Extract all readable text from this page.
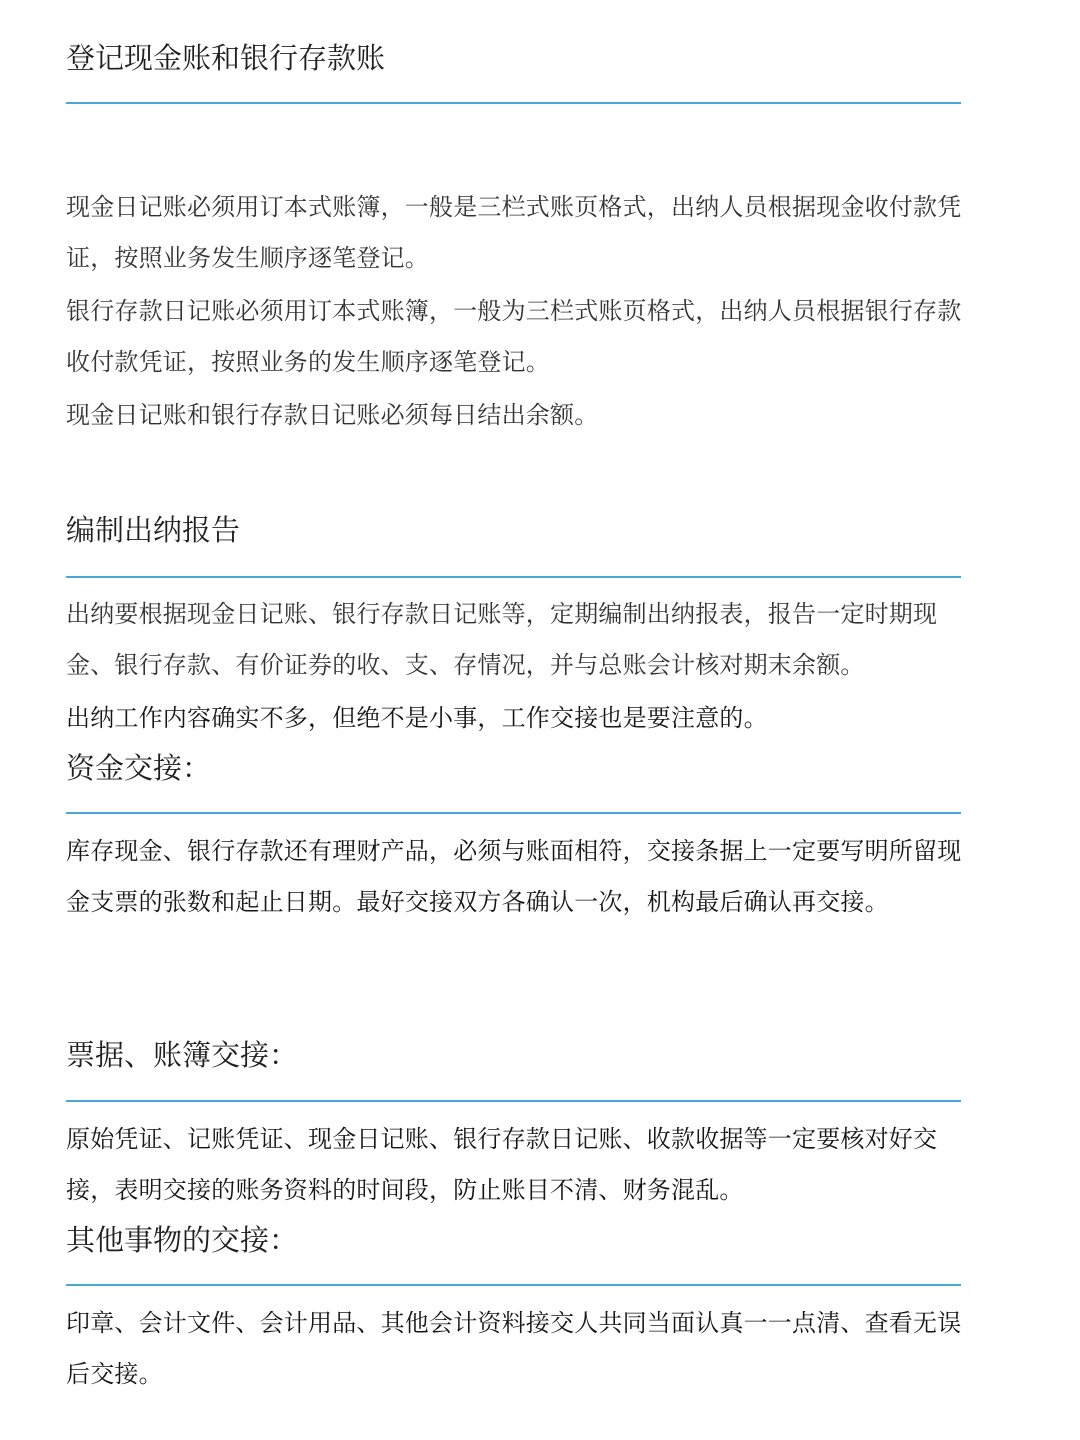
登记现金账和银行存款账

现金日记账必须用订本式账簿，一般是三栏式账页格式，出纳人员根据现金收付款凭证，按照业务发生顺序逐笔登记。

银行存款日记账必须用订本式账簿，一般为三栏式账页格式，出纳人员根据银行存款收付款凭证，按照业务的发生顺序逐笔登记。

现金日记账和银行存款日记账必须每日结出余额。

编制出纳报告

出纳要根据现金日记账、银行存款日记账等，定期编制出纳报表，报告一定时期现金、银行存款、有价证券的收、支、存情况，并与总账会计核对期末余额。

出纳工作内容确实不多，但绝不是小事，工作交接也是要注意的。

资金交接：

库存现金、银行存款还有理财产品，必须与账面相符，交接条据上一定要写明所留现金支票的张数和起止日期。最好交接双方各确认一次，机构最后确认再交接。

票据、账簿交接：

原始凭证、记账凭证、现金日记账、银行存款日记账、收款收据等一定要核对好交接，表明交接的账务资料的时间段，防止账目不清、财务混乱。

其他事物的交接：

印章、会计文件、会计用品、其他会计资料接交人共同当面认真一一点清、查看无误后交接。
